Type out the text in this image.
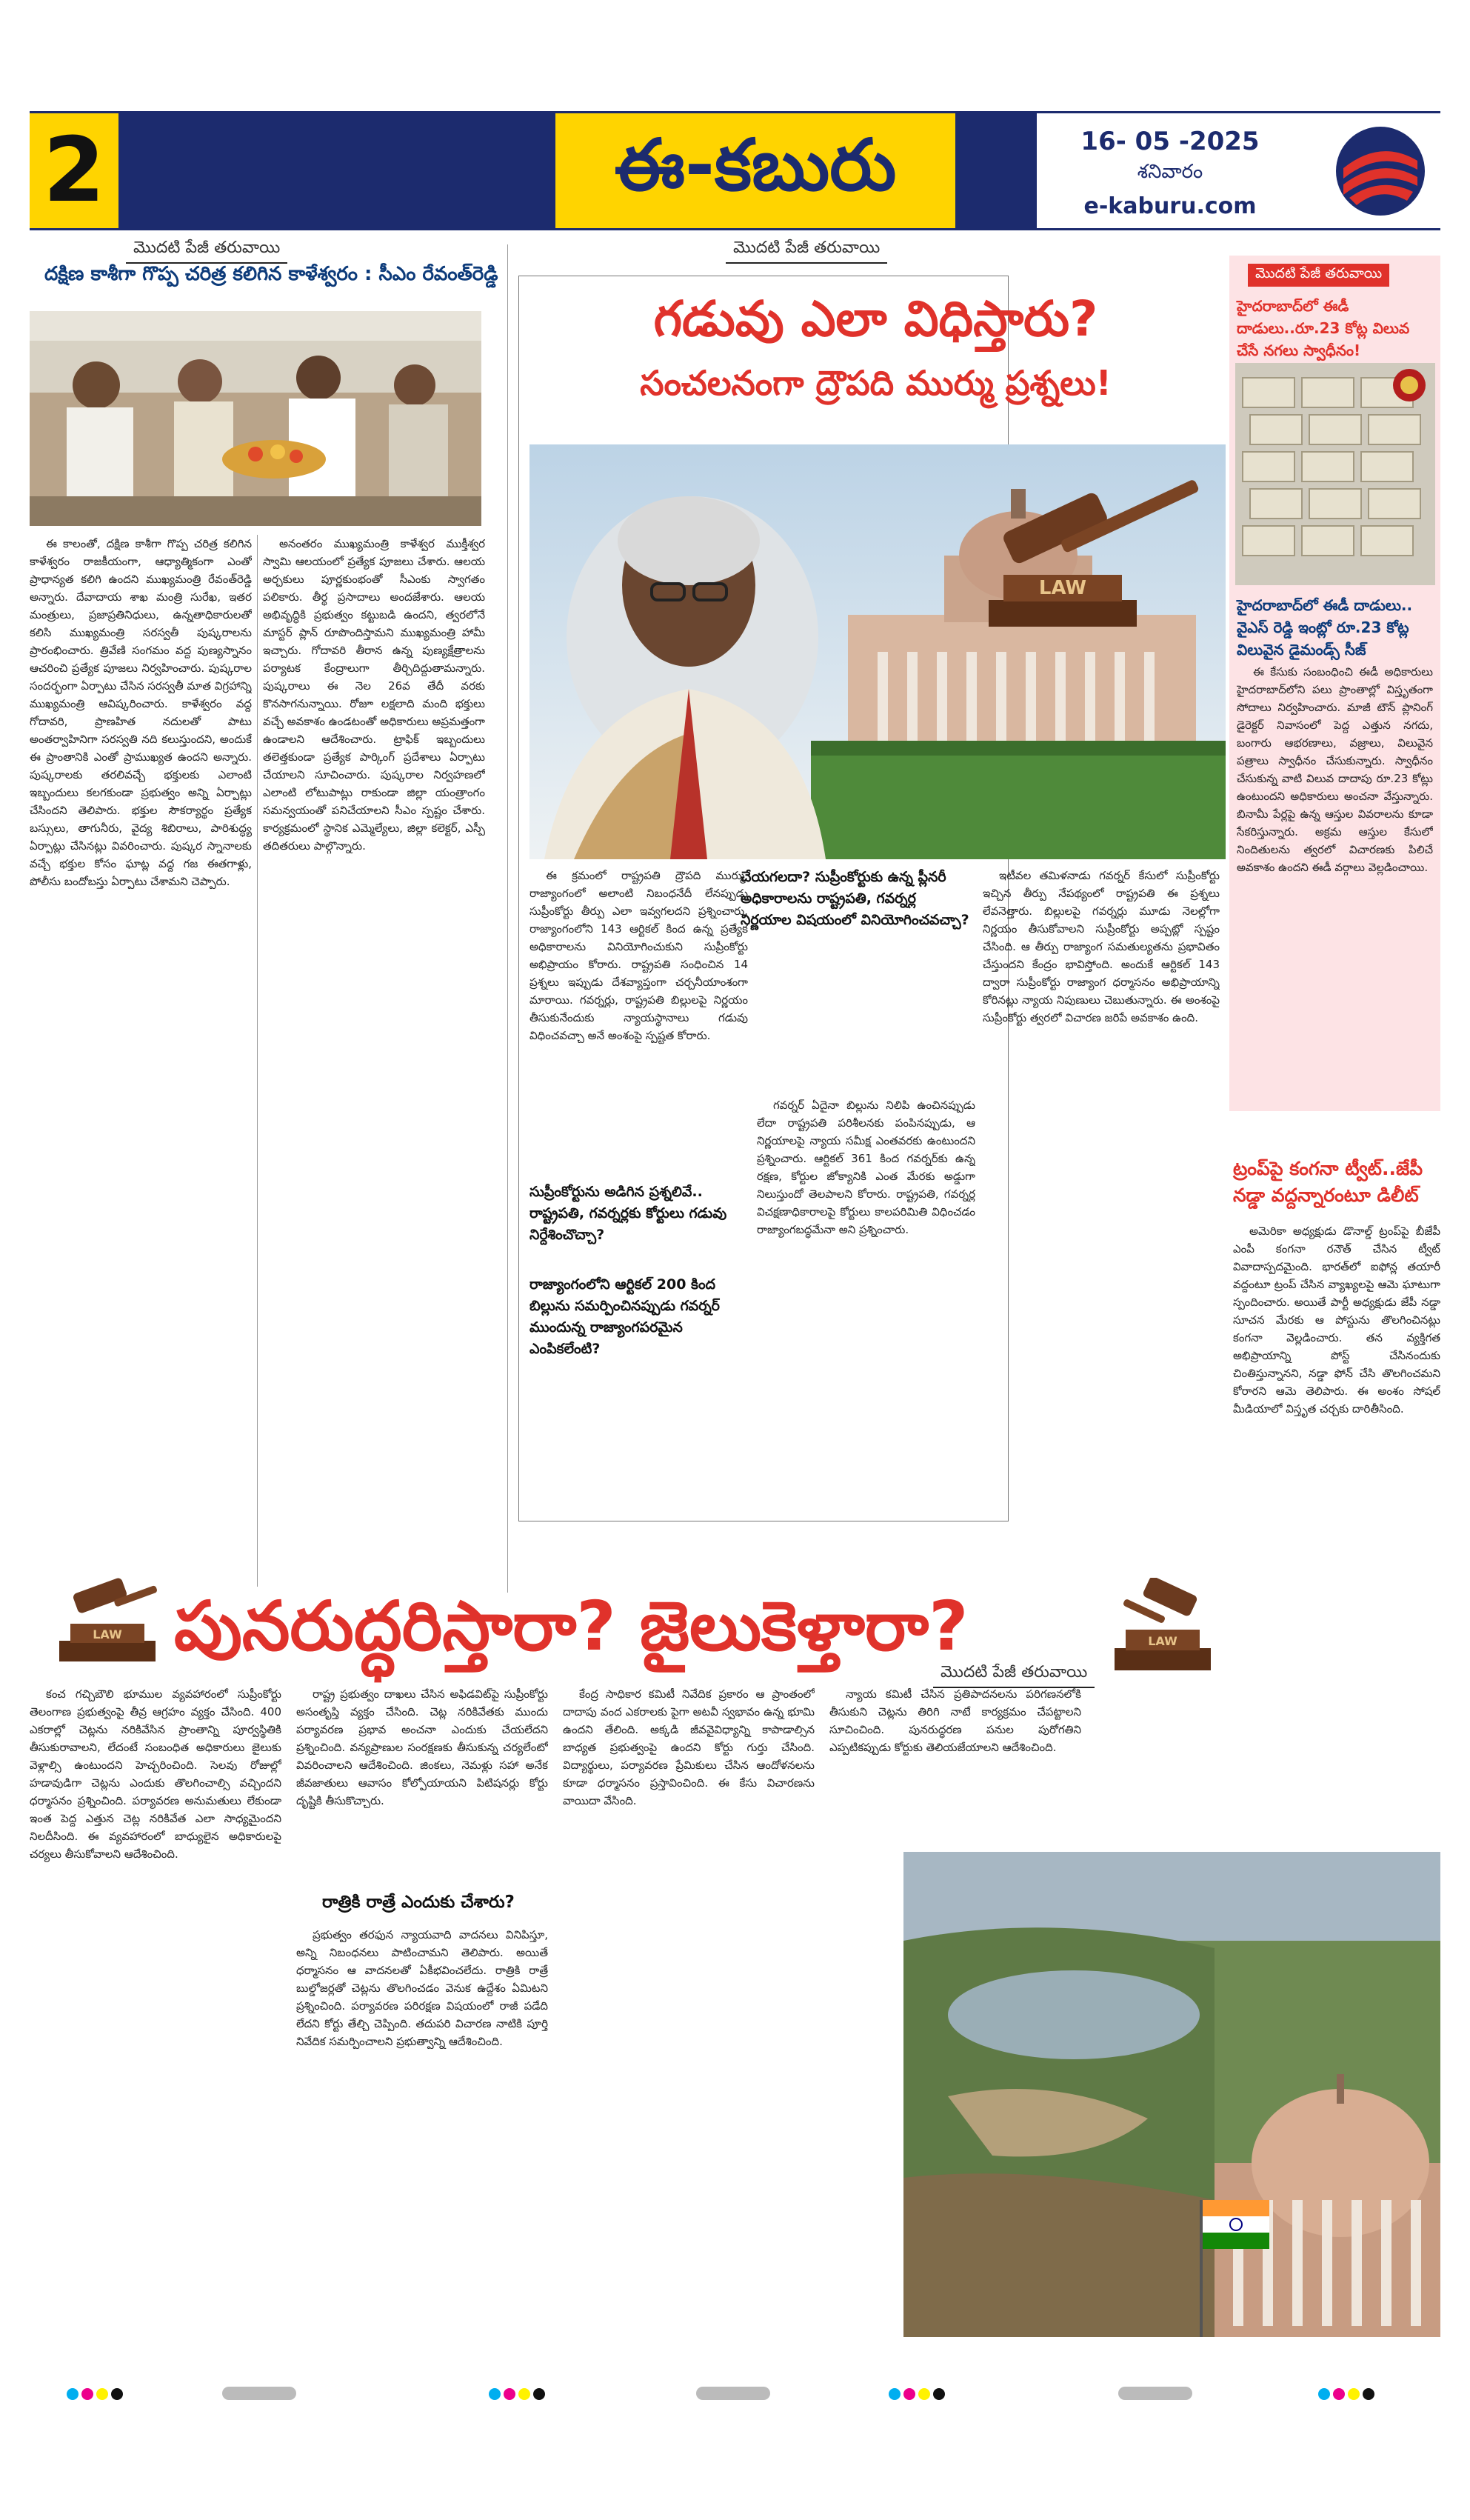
2	ఈ-కబురు	16- 05 -2025
శనివారం
e-kaburu.com
మొదటి పేజీ తరువాయి
దక్షిణ కాశీగా గొప్ప చరిత్ర కలిగిన కాళేశ్వరం : సీఎం రేవంత్‌రెడ్డి

ఈ కాలంతో, దక్షిణ కాశీగా గొప్ప చరిత్ర కలిగిన కాళేశ్వరం రాజకీయంగా, ఆధ్యాత్మికంగా ఎంతో ప్రాధాన్యత కలిగి ఉందని ముఖ్యమంత్రి రేవంత్‌రెడ్డి అన్నారు. దేవాదాయ శాఖ మంత్రి సురేఖ, ఇతర మంత్రులు, ప్రజాప్రతినిధులు, ఉన్నతాధికారులతో కలిసి ముఖ్యమంత్రి సరస్వతీ పుష్కరాలను ప్రారంభించారు. త్రివేణి సంగమం వద్ద పుణ్యస్నానం ఆచరించి ప్రత్యేక పూజలు నిర్వహించారు. పుష్కరాల సందర్భంగా ఏర్పాటు చేసిన సరస్వతీ మాత విగ్రహాన్ని ముఖ్యమంత్రి ఆవిష్కరించారు. కాళేశ్వరం వద్ద గోదావరి, ప్రాణహిత నదులతో పాటు అంతర్వాహినిగా సరస్వతి నది కలుస్తుందని, అందుకే ఈ ప్రాంతానికి ఎంతో ప్రాముఖ్యత ఉందని అన్నారు. పుష్కరాలకు తరలివచ్చే భక్తులకు ఎలాంటి ఇబ్బందులు కలగకుండా ప్రభుత్వం అన్ని ఏర్పాట్లు చేసిందని తెలిపారు. భక్తుల సౌకర్యార్థం ప్రత్యేక బస్సులు, తాగునీరు, వైద్య శిబిరాలు, పారిశుద్ధ్య ఏర్పాట్లు చేసినట్లు వివరించారు. పుష్కర స్నానాలకు వచ్చే భక్తుల కోసం ఘాట్ల వద్ద గజ ఈతగాళ్లు, పోలీసు బందోబస్తు ఏర్పాటు చేశామని చెప్పారు.

అనంతరం ముఖ్యమంత్రి కాళేశ్వర ముక్తీశ్వర స్వామి ఆలయంలో ప్రత్యేక పూజలు చేశారు. ఆలయ అర్చకులు పూర్ణకుంభంతో సీఎంకు స్వాగతం పలికారు. తీర్థ ప్రసాదాలు అందజేశారు. ఆలయ అభివృద్ధికి ప్రభుత్వం కట్టుబడి ఉందని, త్వరలోనే మాస్టర్ ప్లాన్ రూపొందిస్తామని ముఖ్యమంత్రి హామీ ఇచ్చారు. గోదావరి తీరాన ఉన్న పుణ్యక్షేత్రాలను పర్యాటక కేంద్రాలుగా తీర్చిదిద్దుతామన్నారు. పుష్కరాలు ఈ నెల 26వ తేదీ వరకు కొనసాగనున్నాయి. రోజూ లక్షలాది మంది భక్తులు వచ్చే అవకాశం ఉండటంతో అధికారులు అప్రమత్తంగా ఉండాలని ఆదేశించారు. ట్రాఫిక్ ఇబ్బందులు తలెత్తకుండా ప్రత్యేక పార్కింగ్ ప్రదేశాలు ఏర్పాటు చేయాలని సూచించారు. పుష్కరాల నిర్వహణలో ఎలాంటి లోటుపాట్లు రాకుండా జిల్లా యంత్రాంగం సమన్వయంతో పనిచేయాలని సీఎం స్పష్టం చేశారు. కార్యక్రమంలో స్థానిక ఎమ్మెల్యేలు, జిల్లా కలెక్టర్, ఎస్పీ తదితరులు పాల్గొన్నారు.

మొదటి పేజీ తరువాయి
గడువు ఎలా విధిస్తారు?
సంచలనంగా ద్రౌపది ముర్ము ప్రశ్నలు!
LAW

ఈ క్రమంలో రాష్ట్రపతి ద్రౌపది ముర్ము, రాజ్యాంగంలో అలాంటి నిబంధనేదీ లేనప్పుడు సుప్రీంకోర్టు తీర్పు ఎలా ఇవ్వగలదని ప్రశ్నించారు. రాజ్యాంగంలోని 143 ఆర్టికల్ కింద ఉన్న ప్రత్యేక అధికారాలను వినియోగించుకుని సుప్రీంకోర్టు అభిప్రాయం కోరారు. రాష్ట్రపతి సంధించిన 14 ప్రశ్నలు ఇప్పుడు దేశవ్యాప్తంగా చర్చనీయాంశంగా మారాయి. గవర్నర్లు, రాష్ట్రపతి బిల్లులపై నిర్ణయం తీసుకునేందుకు న్యాయస్థానాలు గడువు విధించవచ్చా అనే అంశంపై స్పష్టత కోరారు.

సుప్రీంకోర్టును అడిగిన ప్రశ్నలివే.. రాష్ట్రపతి, గవర్నర్లకు కోర్టులు గడువు నిర్దేశించొచ్చా?
రాజ్యాంగంలోని ఆర్టికల్ 200 కింద బిల్లును సమర్పించినప్పుడు గవర్నర్ ముందున్న రాజ్యాంగపరమైన ఎంపికలేంటి?
చేయగలదా? సుప్రీంకోర్టుకు ఉన్న ప్లీనరీ అధికారాలను రాష్ట్రపతి, గవర్నర్ల నిర్ణయాల విషయంలో వినియోగించవచ్చా?

గవర్నర్ ఏదైనా బిల్లును నిలిపి ఉంచినప్పుడు లేదా రాష్ట్రపతి పరిశీలనకు పంపినప్పుడు, ఆ నిర్ణయాలపై న్యాయ సమీక్ష ఎంతవరకు ఉంటుందని ప్రశ్నించారు. ఆర్టికల్ 361 కింద గవర్నర్‌కు ఉన్న రక్షణ, కోర్టుల జోక్యానికి ఎంత మేరకు అడ్డుగా నిలుస్తుందో తెలపాలని కోరారు. రాష్ట్రపతి, గవర్నర్ల విచక్షణాధికారాలపై కోర్టులు కాలపరిమితి విధించడం రాజ్యాంగబద్ధమేనా అని ప్రశ్నించారు.

ఇటీవల తమిళనాడు గవర్నర్ కేసులో సుప్రీంకోర్టు ఇచ్చిన తీర్పు నేపథ్యంలో రాష్ట్రపతి ఈ ప్రశ్నలు లేవనెత్తారు. బిల్లులపై గవర్నర్లు మూడు నెలల్లోగా నిర్ణయం తీసుకోవాలని సుప్రీంకోర్టు అప్పట్లో స్పష్టం చేసింది. ఆ తీర్పు రాజ్యాంగ సమతుల్యతను ప్రభావితం చేస్తుందని కేంద్రం భావిస్తోంది. అందుకే ఆర్టికల్ 143 ద్వారా సుప్రీంకోర్టు రాజ్యాంగ ధర్మాసనం అభిప్రాయాన్ని కోరినట్లు న్యాయ నిపుణులు చెబుతున్నారు. ఈ అంశంపై సుప్రీంకోర్టు త్వరలో విచారణ జరిపే అవకాశం ఉంది.

మొదటి పేజీ తరువాయి
హైదరాబాద్‌లో ఈడీ దాడులు..రూ.23 కోట్ల విలువ చేసే నగలు స్వాధీనం!
హైదరాబాద్‌లో ఈడీ దాడులు.. వైఎస్ రెడ్డి ఇంట్లో రూ.23 కోట్ల విలువైన డైమండ్స్ సీజ్

ఈ కేసుకు సంబంధించి ఈడీ అధికారులు హైదరాబాద్‌లోని పలు ప్రాంతాల్లో విస్తృతంగా సోదాలు నిర్వహించారు. మాజీ టౌన్ ప్లానింగ్ డైరెక్టర్ నివాసంలో పెద్ద ఎత్తున నగదు, బంగారు ఆభరణాలు, వజ్రాలు, విలువైన పత్రాలు స్వాధీనం చేసుకున్నారు. స్వాధీనం చేసుకున్న వాటి విలువ దాదాపు రూ.23 కోట్లు ఉంటుందని అధికారులు అంచనా వేస్తున్నారు. బినామీ పేర్లపై ఉన్న ఆస్తుల వివరాలను కూడా సేకరిస్తున్నారు. అక్రమ ఆస్తుల కేసులో నిందితులను త్వరలో విచారణకు పిలిచే అవకాశం ఉందని ఈడీ వర్గాలు వెల్లడించాయి.

ట్రంప్‌పై కంగనా ట్వీట్..జేపీ నడ్డా వద్దన్నారంటూ డిలీట్

అమెరికా అధ్యక్షుడు డొనాల్డ్ ట్రంప్‌పై బీజేపీ ఎంపీ కంగనా రనౌత్ చేసిన ట్వీట్ వివాదాస్పదమైంది. భారత్‌లో ఐఫోన్ల తయారీ వద్దంటూ ట్రంప్ చేసిన వ్యాఖ్యలపై ఆమె ఘాటుగా స్పందించారు. అయితే పార్టీ అధ్యక్షుడు జేపీ నడ్డా సూచన మేరకు ఆ పోస్టును తొలగించినట్లు కంగనా వెల్లడించారు. తన వ్యక్తిగత అభిప్రాయాన్ని పోస్ట్ చేసినందుకు చింతిస్తున్నానని, నడ్డా ఫోన్ చేసి తొలగించమని కోరారని ఆమె తెలిపారు. ఈ అంశం సోషల్ మీడియాలో విస్తృత చర్చకు దారితీసింది.

LAW పునరుద్ధరిస్తారా? జైలుకెళ్తారా?	LAW
మొదటి పేజీ తరువాయి

కంచ గచ్చిబౌలి భూముల వ్యవహారంలో సుప్రీంకోర్టు తెలంగాణ ప్రభుత్వంపై తీవ్ర ఆగ్రహం వ్యక్తం చేసింది. 400 ఎకరాల్లో చెట్లను నరికివేసిన ప్రాంతాన్ని పూర్వస్థితికి తీసుకురావాలని, లేదంటే సంబంధిత అధికారులు జైలుకు వెళ్లాల్సి ఉంటుందని హెచ్చరించింది. సెలవు రోజుల్లో హడావుడిగా చెట్లను ఎందుకు తొలగించాల్సి వచ్చిందని ధర్మాసనం ప్రశ్నించింది. పర్యావరణ అనుమతులు లేకుండా ఇంత పెద్ద ఎత్తున చెట్ల నరికివేత ఎలా సాధ్యమైందని నిలదీసింది. ఈ వ్యవహారంలో బాధ్యులైన అధికారులపై చర్యలు తీసుకోవాలని ఆదేశించింది.

రాష్ట్ర ప్రభుత్వం దాఖలు చేసిన అఫిడవిట్‌పై సుప్రీంకోర్టు అసంతృప్తి వ్యక్తం చేసింది. చెట్ల నరికివేతకు ముందు పర్యావరణ ప్రభావ అంచనా ఎందుకు చేయలేదని ప్రశ్నించింది. వన్యప్రాణుల సంరక్షణకు తీసుకున్న చర్యలేంటో వివరించాలని ఆదేశించింది. జింకలు, నెమళ్లు సహా అనేక జీవజాతులు ఆవాసం కోల్పోయాయని పిటిషనర్లు కోర్టు దృష్టికి తీసుకొచ్చారు.

రాత్రికి రాత్రే ఎందుకు చేశారు?

ప్రభుత్వం తరఫున న్యాయవాది వాదనలు వినిపిస్తూ, అన్ని నిబంధనలు పాటించామని తెలిపారు. అయితే ధర్మాసనం ఆ వాదనలతో ఏకీభవించలేదు. రాత్రికి రాత్రే బుల్డోజర్లతో చెట్లను తొలగించడం వెనుక ఉద్దేశం ఏమిటని ప్రశ్నించింది. పర్యావరణ పరిరక్షణ విషయంలో రాజీ పడేది లేదని కోర్టు తేల్చి చెప్పింది. తదుపరి విచారణ నాటికి పూర్తి నివేదిక సమర్పించాలని ప్రభుత్వాన్ని ఆదేశించింది.

కేంద్ర సాధికార కమిటీ నివేదిక ప్రకారం ఆ ప్రాంతంలో దాదాపు వంద ఎకరాలకు పైగా అటవీ స్వభావం ఉన్న భూమి ఉందని తేలింది. అక్కడి జీవవైవిధ్యాన్ని కాపాడాల్సిన బాధ్యత ప్రభుత్వంపై ఉందని కోర్టు గుర్తు చేసింది. విద్యార్థులు, పర్యావరణ ప్రేమికులు చేసిన ఆందోళనలను కూడా ధర్మాసనం ప్రస్తావించింది. ఈ కేసు విచారణను వాయిదా వేసింది.

న్యాయ కమిటీ చేసిన ప్రతిపాదనలను పరిగణనలోకి తీసుకుని చెట్లను తిరిగి నాటే కార్యక్రమం చేపట్టాలని సూచించింది. పునరుద్ధరణ పనుల పురోగతిని ఎప్పటికప్పుడు కోర్టుకు తెలియజేయాలని ఆదేశించింది.
